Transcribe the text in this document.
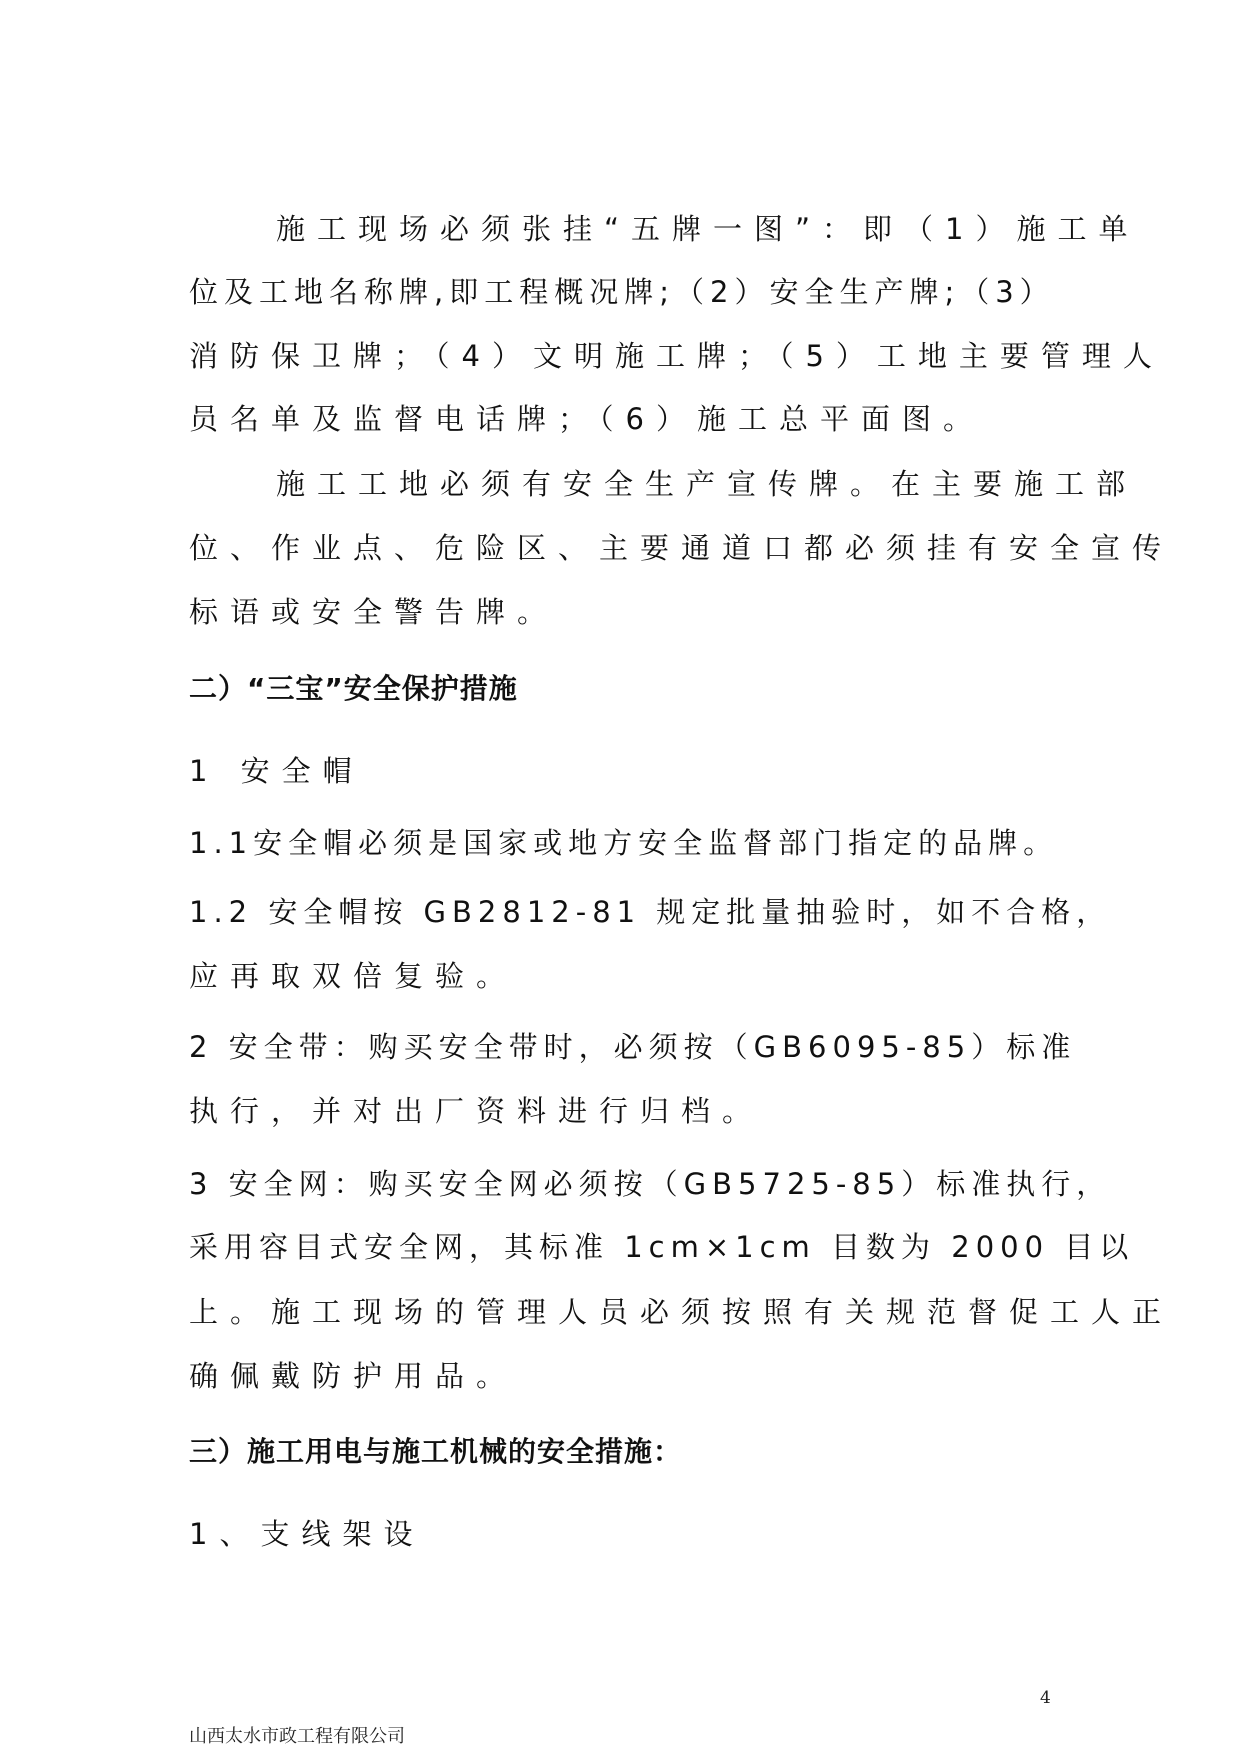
施工现场必须张挂“五牌一图”：即（1）施工单
位及工地名称牌,即工程概况牌;（2）安全生产牌;（3）
消防保卫牌；（4）文明施工牌；（5）工地主要管理人
员名单及监督电话牌；（6）施工总平面图。
施工工地必须有安全生产宣传牌。在主要施工部
位、作业点、危险区、主要通道口都必须挂有安全宣传
标语或安全警告牌。
二）“三宝”安全保护措施
1 安全帽
1.1安全帽必须是国家或地方安全监督部门指定的品牌。
1.2 安全帽按 GB2812-81 规定批量抽验时，如不合格，
应再取双倍复验。
2 安全带：购买安全带时，必须按（GB6095-85）标准
执行，并对出厂资料进行归档。
3 安全网：购买安全网必须按（GB5725-85）标准执行，
采用容目式安全网，其标准 1cm×1cm 目数为 2000 目以
上。施工现场的管理人员必须按照有关规范督促工人正
确佩戴防护用品。
三）施工用电与施工机械的安全措施：
1、支线架设
4
山西太水市政工程有限公司
